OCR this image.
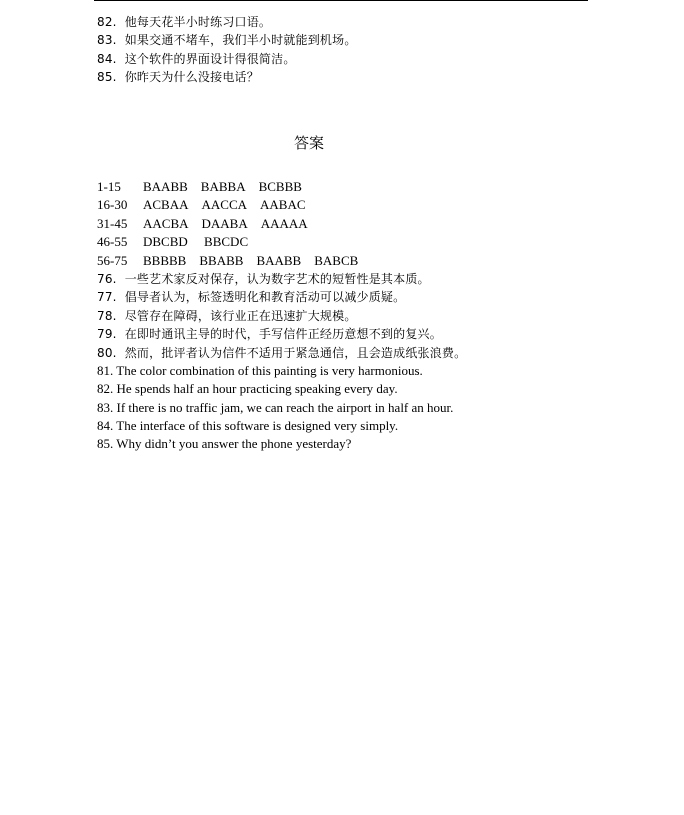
82. 他每天花半小时练习口语。
83. 如果交通不堵车，我们半小时就能到机场。
84. 这个软件的界面设计得很简洁。
85. 你昨天为什么没接电话？
答案
1-15 BAABB BABBA BCBBB
16-30 ACBAA AACCA AABAC
31-45 AACBA DAABA AAAAA
46-55 DBCBD BBCDC
56-75 BBBBB BBABB BAABB BABCB
76. 一些艺术家反对保存，认为数字艺术的短暂性是其本质。
77. 倡导者认为，标签透明化和教育活动可以减少质疑。
78. 尽管存在障碍，该行业正在迅速扩大规模。
79. 在即时通讯主导的时代，手写信件正经历意想不到的复兴。
80. 然而，批评者认为信件不适用于紧急通信，且会造成纸张浪费。
81. The color combination of this painting is very harmonious.
82. He spends half an hour practicing speaking every day.
83. If there is no traffic jam, we can reach the airport in half an hour.
84. The interface of this software is designed very simply.
85. Why didn’t you answer the phone yesterday?
